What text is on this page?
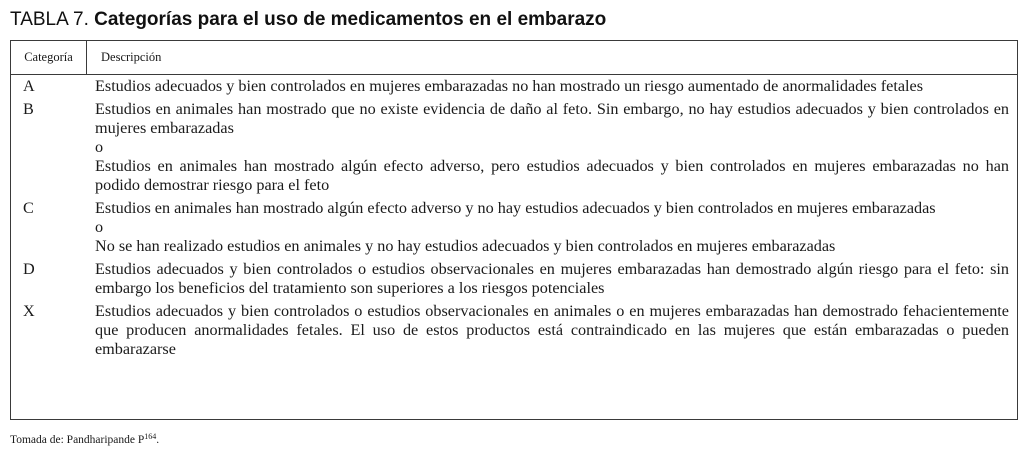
TABLA 7. Categorías para el uso de medicamentos en el embarazo
Categoría	Descripción
A	Estudios adecuados y bien controlados en mujeres embarazadas no han mostrado un riesgo aumentado de anormalidades fetales

B	Estudios en animales han mostrado que no existe evidencia de daño al feto. Sin embargo, no hay estudios adecuados y bien controlados en mujeres embarazadas

o

Estudios en animales han mostrado algún efecto adverso, pero estudios adecuados y bien controlados en mujeres embarazadas no han podido demostrar riesgo para el feto

C	Estudios en animales han mostrado algún efecto adverso y no hay estudios adecuados y bien controlados en mujeres embarazadas

o

No se han realizado estudios en animales y no hay estudios adecuados y bien controlados en mujeres embarazadas

D	Estudios adecuados y bien controlados o estudios observacionales en mujeres embarazadas han demostrado algún riesgo para el feto: sin embargo los beneficios del tratamiento son superiores a los riesgos potenciales

X	Estudios adecuados y bien controlados o estudios observacionales en animales o en mujeres embarazadas han demostrado fehacientemente que producen anormalidades fetales. El uso de estos productos está contraindicado en las mujeres que están embarazadas o pueden embarazarse

Tomada de: Pandharipande $P^{164}$.
